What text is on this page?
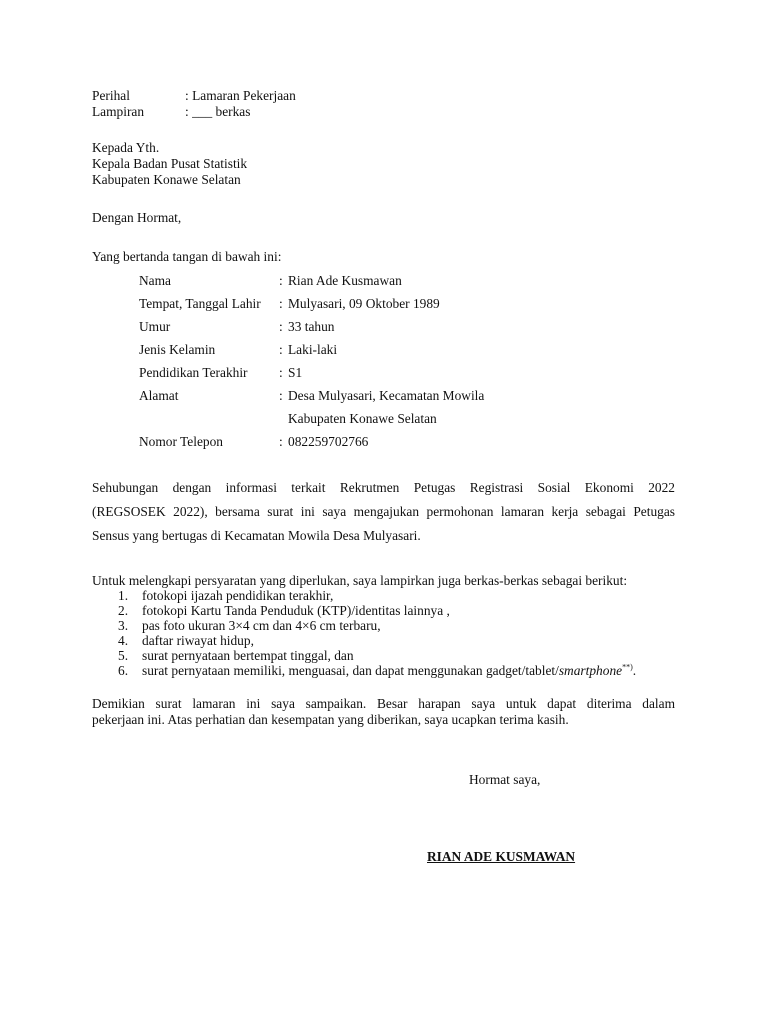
Perihal	: Lamaran Pekerjaan
Lampiran	: ___ berkas
Kepada Yth.
Kepala Badan Pusat Statistik
Kabupaten Konawe Selatan
Dengan Hormat,
Yang bertanda tangan di bawah ini:
Nama	: Rian Ade Kusmawan
Tempat, Tanggal Lahir : Mulyasari, 09 Oktober 1989
Umur	: 33 tahun
Jenis Kelamin	: Laki-laki
Pendidikan Terakhir : S1
Alamat	: Desa Mulyasari, Kecamatan Mowila
Kabupaten Konawe Selatan
Nomor Telepon	: 082259702766
Sehubungan dengan informasi terkait Rekrutmen Petugas Registrasi Sosial Ekonomi 2022
(REGSOSEK 2022), bersama surat ini saya mengajukan permohonan lamaran kerja sebagai Petugas
Sensus yang bertugas di Kecamatan Mowila Desa Mulyasari.
Untuk melengkapi persyaratan yang diperlukan, saya lampirkan juga berkas-berkas sebagai berikut:
1. fotokopi ijazah pendidikan terakhir,
2. fotokopi Kartu Tanda Penduduk (KTP)/identitas lainnya ,
3. pas foto ukuran 3×4 cm dan 4×6 cm terbaru,
4. daftar riwayat hidup,
5. surat pernyataan bertempat tinggal, dan
6. surat pernyataan memiliki, menguasai, dan dapat menggunakan gadget/tablet/smartphone**).
Demikian surat lamaran ini saya sampaikan. Besar harapan saya untuk dapat diterima dalam
pekerjaan ini. Atas perhatian dan kesempatan yang diberikan, saya ucapkan terima kasih.
Hormat saya,
RIAN ADE KUSMAWAN
